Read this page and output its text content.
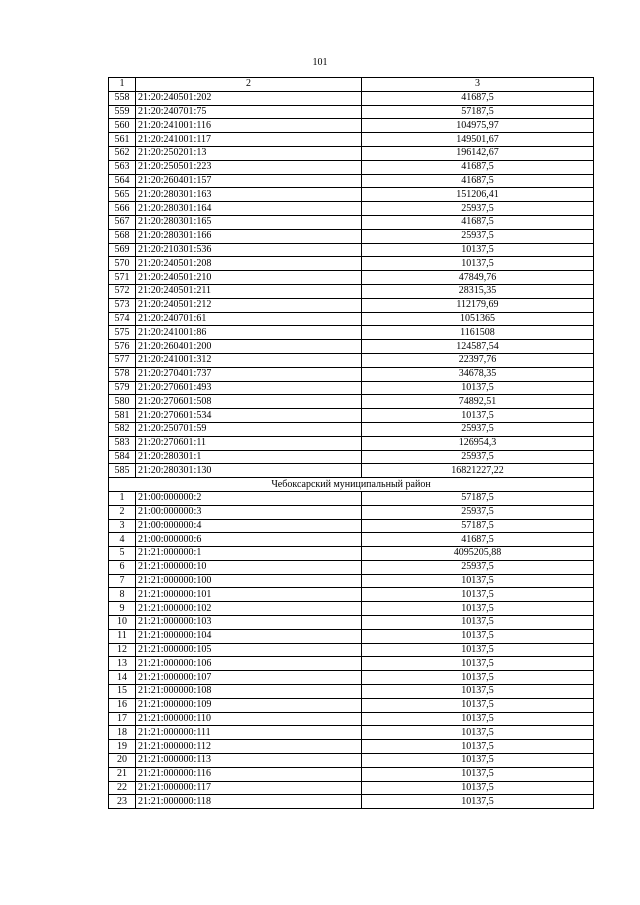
101
1	2	3
558	21:20:240501:202	41687,5
559	21:20:240701:75	57187,5
560	21:20:241001:116	104975,97
561	21:20:241001:117	149501,67
562	21:20:250201:13	196142,67
563	21:20:250501:223	41687,5
564	21:20:260401:157	41687,5
565	21:20:280301:163	151206,41
566	21:20:280301:164	25937,5
567	21:20:280301:165	41687,5
568	21:20:280301:166	25937,5
569	21:20:210301:536	10137,5
570	21:20:240501:208	10137,5
571	21:20:240501:210	47849,76
572	21:20:240501:211	28315,35
573	21:20:240501:212	112179,69
574	21:20:240701:61	1051365
575	21:20:241001:86	1161508
576	21:20:260401:200	124587,54
577	21:20:241001:312	22397,76
578	21:20:270401:737	34678,35
579	21:20:270601:493	10137,5
580	21:20:270601:508	74892,51
581	21:20:270601:534	10137,5
582	21:20:250701:59	25937,5
583	21:20:270601:11	126954,3
584	21:20:280301:1	25937,5
585	21:20:280301:130	16821227,22
Чебоксарский муниципальный район		
1	21:00:000000:2	57187,5
2	21:00:000000:3	25937,5
3	21:00:000000:4	57187,5
4	21:00:000000:6	41687,5
5	21:21:000000:1	4095205,88
6	21:21:000000:10	25937,5
7	21:21:000000:100	10137,5
8	21:21:000000:101	10137,5
9	21:21:000000:102	10137,5
10	21:21:000000:103	10137,5
11	21:21:000000:104	10137,5
12	21:21:000000:105	10137,5
13	21:21:000000:106	10137,5
14	21:21:000000:107	10137,5
15	21:21:000000:108	10137,5
16	21:21:000000:109	10137,5
17	21:21:000000:110	10137,5
18	21:21:000000:111	10137,5
19	21:21:000000:112	10137,5
20	21:21:000000:113	10137,5
21	21:21:000000:116	10137,5
22	21:21:000000:117	10137,5
23	21:21:000000:118	10137,5
